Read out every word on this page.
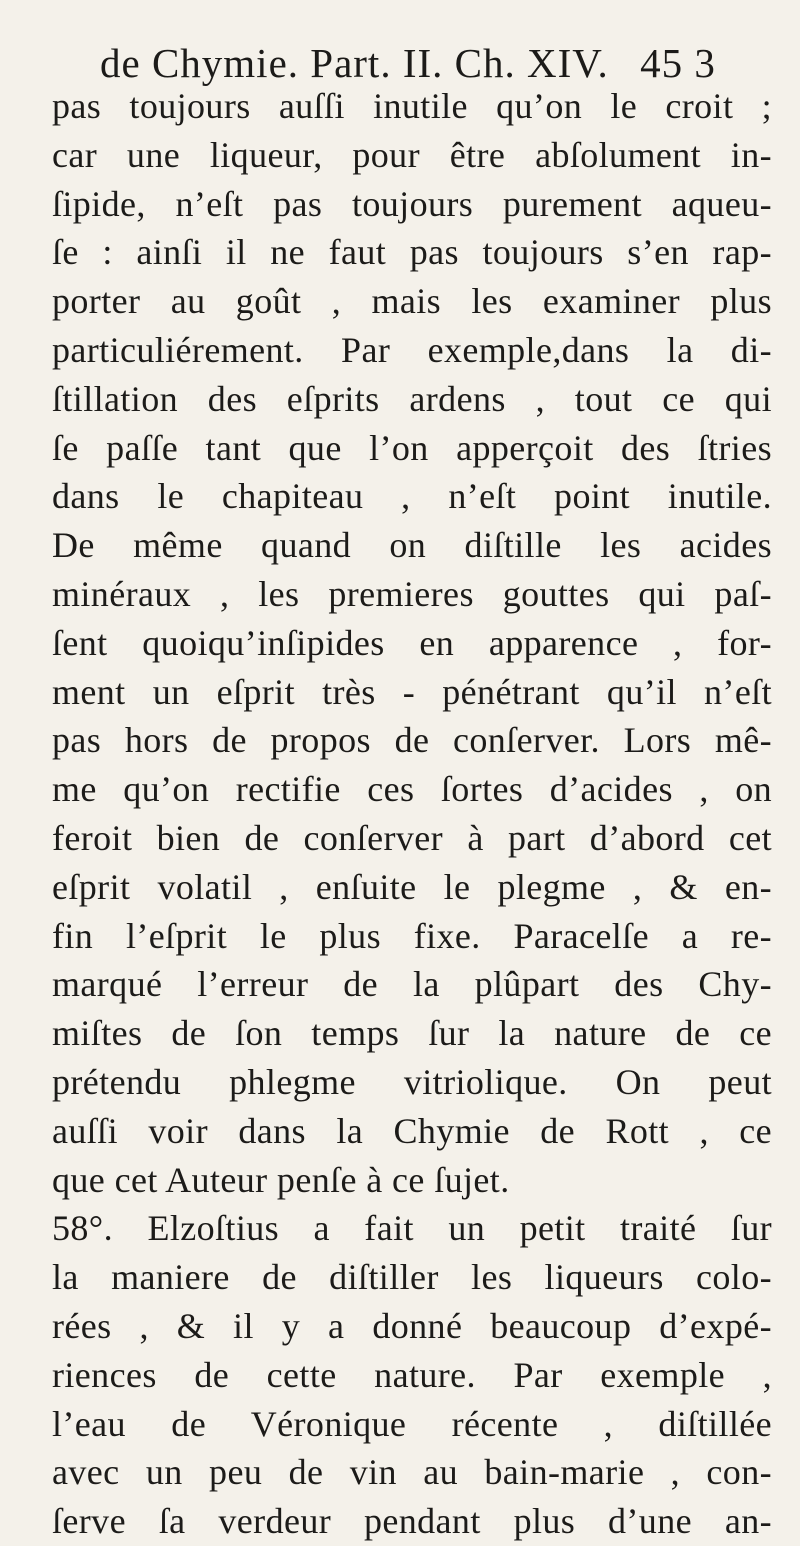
de Chymie. Part. II. Ch. XIV. 45 3
pas toujours auſſi inutile qu’on le croit ;
car une liqueur, pour être abſolument in-
ſipide, n’eſt pas toujours purement aqueu-
ſe : ainſi il ne faut pas toujours s’en rap-
porter au goût , mais les examiner plus
particuliérement. Par exemple,dans la di-
ſtillation des eſprits ardens , tout ce qui
ſe paſſe tant que l’on apperçoit des ſtries
dans le chapiteau , n’eſt point inutile.
De même quand on diſtille les acides
minéraux , les premieres gouttes qui paſ-
ſent quoiqu’inſipides en apparence , for-
ment un eſprit très - pénétrant qu’il n’eſt
pas hors de propos de conſerver. Lors mê-
me qu’on rectifie ces ſortes d’acides , on
feroit bien de conſerver à part d’abord cet
eſprit volatil , enſuite le plegme , & en-
fin l’eſprit le plus fixe. Paracelſe a re-
marqué l’erreur de la plûpart des Chy-
miſtes de ſon temps ſur la nature de ce
prétendu phlegme vitriolique. On peut
auſſi voir dans la Chymie de Rott , ce
que cet Auteur penſe à ce ſujet.
58°. Elzoſtius a fait un petit traité ſur
la maniere de diſtiller les liqueurs colo-
rées , & il y a donné beaucoup d’expé-
riences de cette nature. Par exemple ,
l’eau de Véronique récente , diſtillée
avec un peu de vin au bain-marie , con-
ſerve ſa verdeur pendant plus d’une an-
